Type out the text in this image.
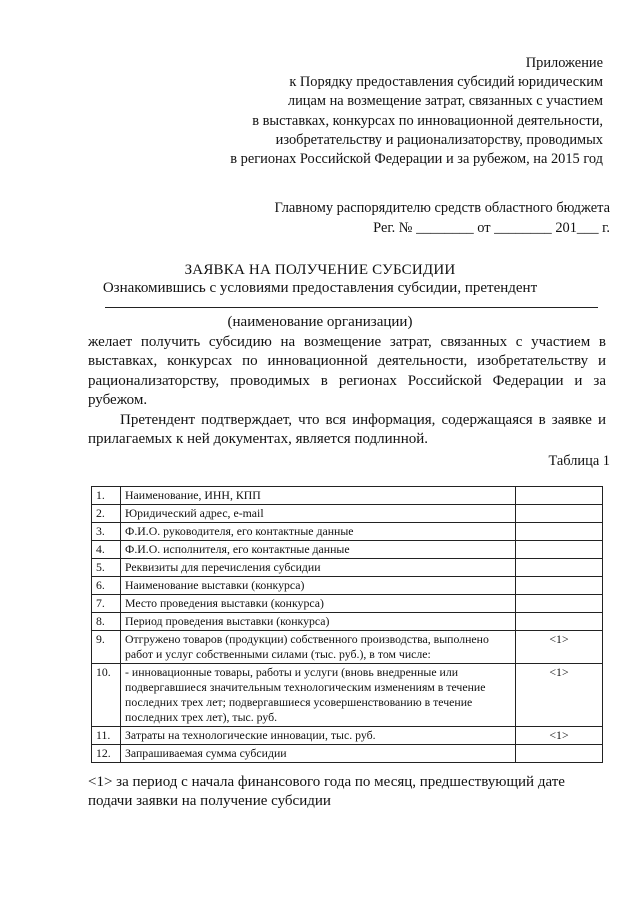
Приложение
к Порядку предоставления субсидий юридическим
лицам на возмещение затрат, связанных с участием
в выставках, конкурсах по инновационной деятельности,
изобретательству и рационализаторству, проводимых
в регионах Российской Федерации и за рубежом, на 2015 год
Главному распорядителю средств областного бюджета
Рег. № ________ от ________ 201___ г.
ЗАЯВКА НА ПОЛУЧЕНИЕ СУБСИДИИ
Ознакомившись с условиями предоставления субсидии, претендент
(наименование организации)

желает получить субсидию на возмещение затрат, связанных с участием в выставках, конкурсах по инновационной деятельности, изобретательству и рационализаторству, проводимых в регионах Российской Федерации и за рубежом.

Претендент подтверждает, что вся информация, содержащаяся в заявке и прилагаемых к ней документах, является подлинной.

Таблица 1
1.	Наименование, ИНН, КПП	
2.	Юридический адрес, e-mail	
3.	Ф.И.О. руководителя, его контактные данные	
4.	Ф.И.О. исполнителя, его контактные данные	
5.	Реквизиты для перечисления субсидии	
6.	Наименование выставки (конкурса)	
7.	Место проведения выставки (конкурса)	
8.	Период проведения выставки (конкурса)	
9.	Отгружено товаров (продукции) собственного производства, выполнено работ и услуг собственными силами (тыс. руб.), в том числе:	<1>
10.	- инновационные товары, работы и услуги (вновь внедренные или подвергавшиеся значительным технологическим изменениям в течение последних трех лет; подвергавшиеся усовершенствованию в течение последних трех лет), тыс. руб.	<1>
11.	Затраты на технологические инновации, тыс. руб.	<1>
12.	Запрашиваемая сумма субсидии	
<1> за период с начала финансового года по месяц, предшествующий дате подачи заявки на получение субсидии
